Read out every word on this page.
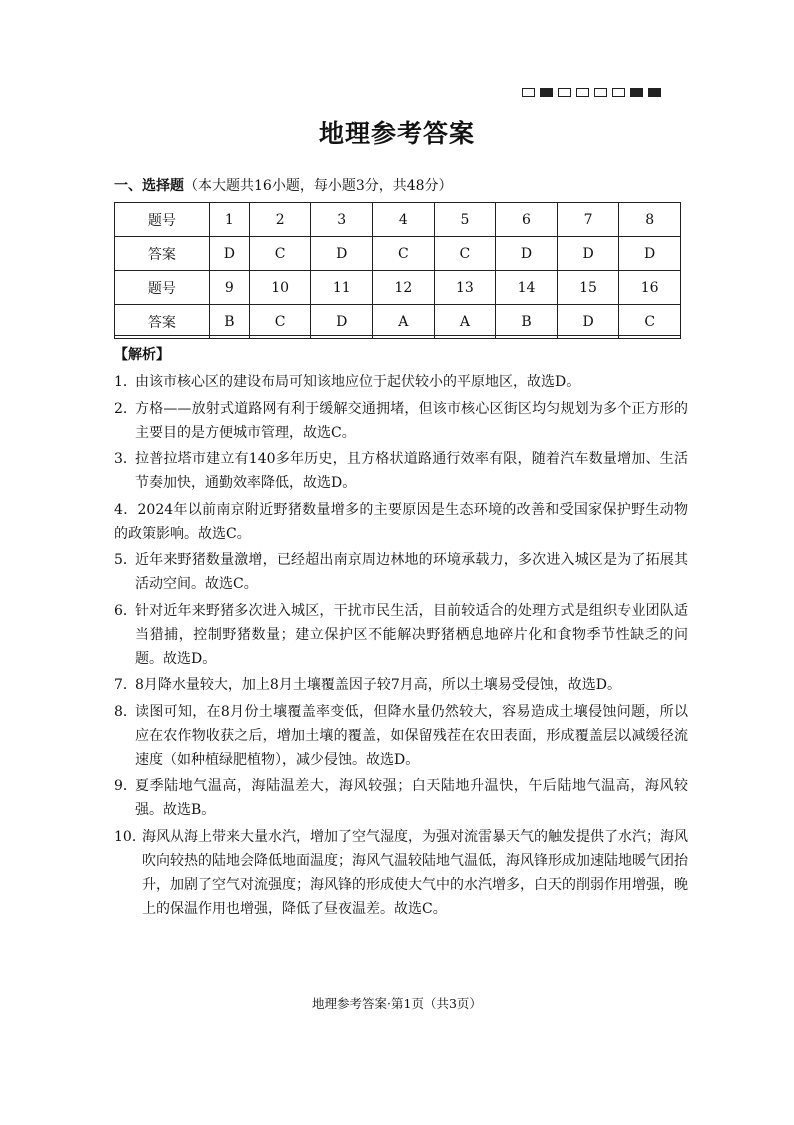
地理参考答案
一、选择题（本大题共16小题，每小题3分，共48分）
题号	1	2	3	4	5	6	7	8
答案	D	C	D	C	C	D	D	D
题号	9	10	11	12	13	14	15	16
答案	B	C	D	A	A	B	D	C
【解析】
1．
由该市核心区的建设布局可知该地应位于起伏较小的平原地区，故选D。
2．
方格——放射式道路网有利于缓解交通拥堵，但该市核心区街区均匀规划为多个正方形的主要目的是方便城市管理，故选C。
3．
拉普拉塔市建立有140多年历史，且方格状道路通行效率有限，随着汽车数量增加、生活节奏加快，通勤效率降低，故选D。
4．2024年以前南京附近野猪数量增多的主要原因是生态环境的改善和受国家保护野生动物的政策影响。故选C。
5．
近年来野猪数量激增，已经超出南京周边林地的环境承载力，多次进入城区是为了拓展其活动空间。故选C。
6．
针对近年来野猪多次进入城区，干扰市民生活，目前较适合的处理方式是组织专业团队适当猎捕，控制野猪数量；建立保护区不能解决野猪栖息地碎片化和食物季节性缺乏的问题。故选D。
7．
8月降水量较大，加上8月土壤覆盖因子较7月高，所以土壤易受侵蚀，故选D。
8．
读图可知，在8月份土壤覆盖率变低，但降水量仍然较大，容易造成土壤侵蚀问题，所以应在农作物收获之后，增加土壤的覆盖，如保留残茬在农田表面，形成覆盖层以减缓径流速度（如种植绿肥植物），减少侵蚀。故选D。
9．
夏季陆地气温高，海陆温差大，海风较强；白天陆地升温快，午后陆地气温高，海风较强。故选B。
10．
海风从海上带来大量水汽，增加了空气湿度，为强对流雷暴天气的触发提供了水汽；海风吹向较热的陆地会降低地面温度；海风气温较陆地气温低，海风锋形成加速陆地暖气团抬升，加剧了空气对流强度；海风锋的形成使大气中的水汽增多，白天的削弱作用增强，晚上的保温作用也增强，降低了昼夜温差。故选C。
地理参考答案·第1页（共3页）
